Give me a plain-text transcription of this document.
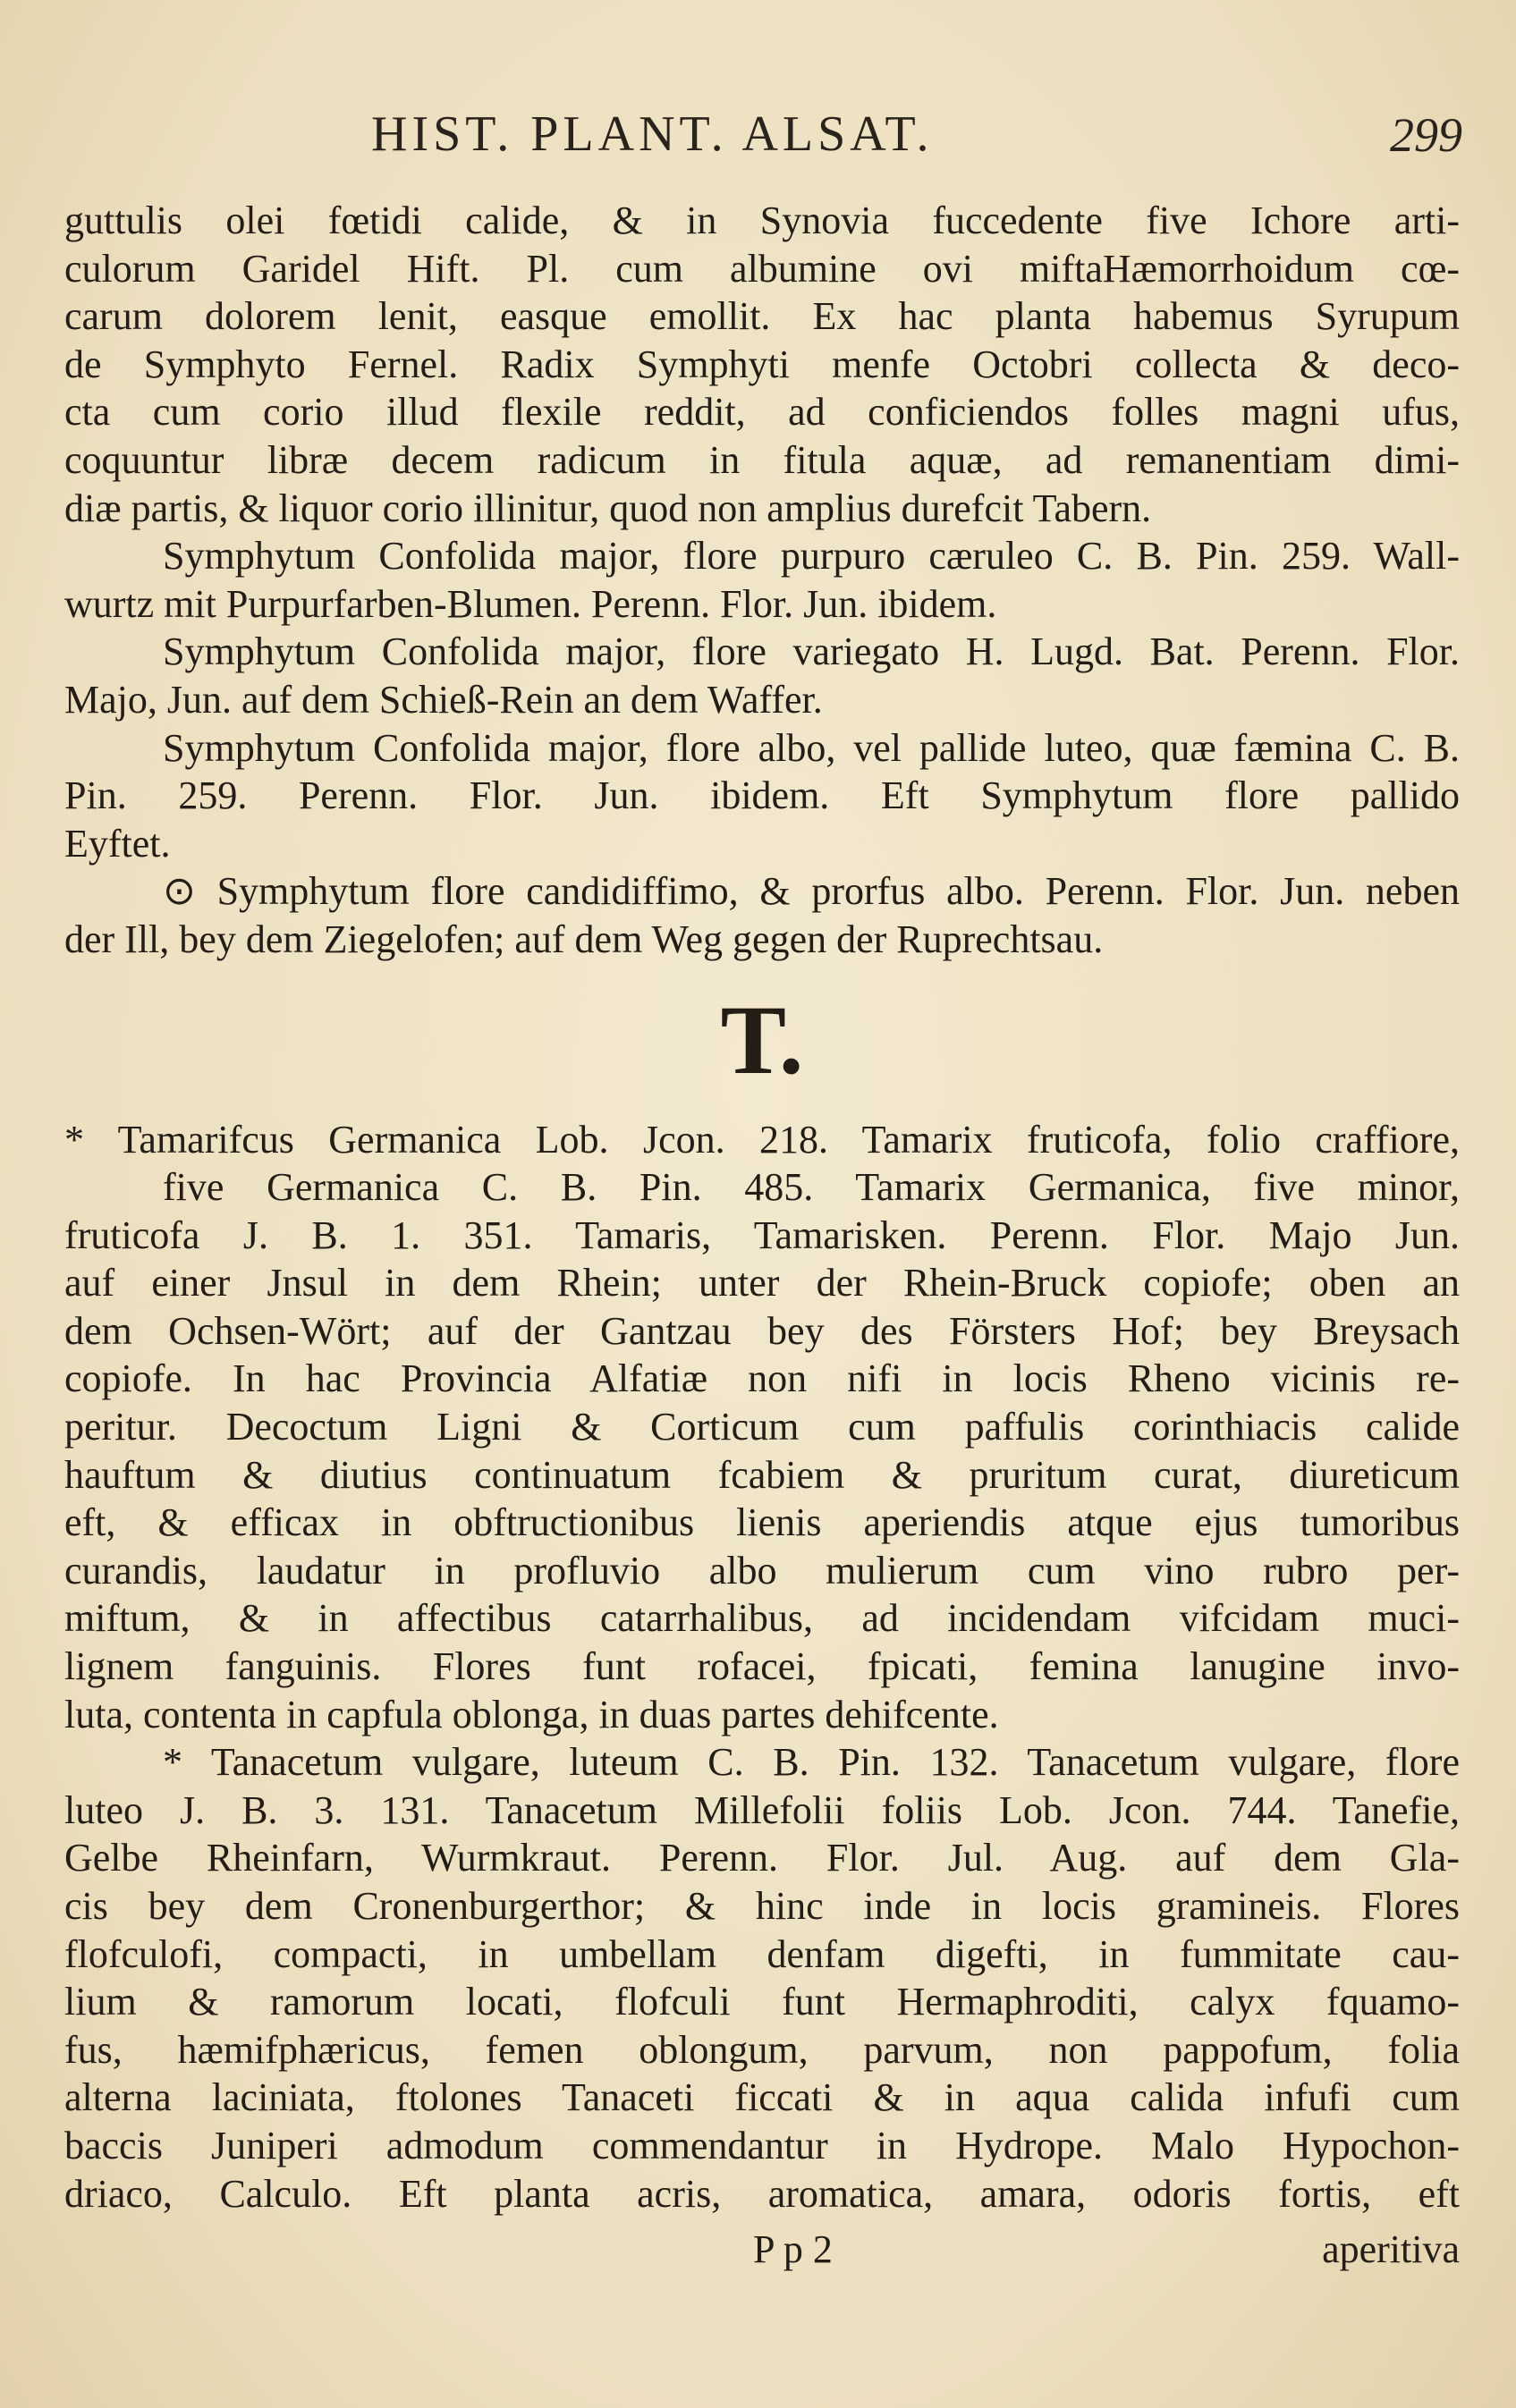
HIST. PLANT. ALSAT.	299
guttulis olei fœtidi calide, & in Synovia fuccedente five Ichore arti-
culorum Garidel Hift. Pl. cum albumine ovi miftaHæmorrhoidum cœ-
carum dolorem lenit, easque emollit. Ex hac planta habemus Syrupum
de Symphyto Fernel. Radix Symphyti menfe Octobri collecta & deco-
cta cum corio illud flexile reddit, ad conficiendos folles magni ufus,
coquuntur libræ decem radicum in fitula aquæ, ad remanentiam dimi-
diæ partis, & liquor corio illinitur, quod non amplius durefcit Tabern.
Symphytum Confolida major, flore purpuro cæruleo C. B. Pin. 259. Wall-
wurtz mit Purpurfarben-Blumen. Perenn. Flor. Jun. ibidem.
Symphytum Confolida major, flore variegato H. Lugd. Bat. Perenn. Flor.
Majo, Jun. auf dem Schieß-Rein an dem Waffer.
Symphytum Confolida major, flore albo, vel pallide luteo, quæ fæmina C. B.
Pin. 259. Perenn. Flor. Jun. ibidem. Eft Symphytum flore pallido
Eyftet.
⊙ Symphytum flore candidiffimo, & prorfus albo. Perenn. Flor. Jun. neben
der Ill, bey dem Ziegelofen; auf dem Weg gegen der Ruprechtsau.
T.
* Tamarifcus Germanica Lob. Jcon. 218. Tamarix fruticofa, folio craffiore,
five Germanica C. B. Pin. 485. Tamarix Germanica, five minor,
fruticofa J. B. 1. 351. Tamaris, Tamarisken. Perenn. Flor. Majo Jun.
auf einer Jnsul in dem Rhein; unter der Rhein-Bruck copiofe; oben an
dem Ochsen-Wört; auf der Gantzau bey des Försters Hof; bey Breysach
copiofe. In hac Provincia Alfatiæ non nifi in locis Rheno vicinis re-
peritur. Decoctum Ligni & Corticum cum paffulis corinthiacis calide
hauftum & diutius continuatum fcabiem & pruritum curat, diureticum
eft, & efficax in obftructionibus lienis aperiendis atque ejus tumoribus
curandis, laudatur in profluvio albo mulierum cum vino rubro per-
miftum, & in affectibus catarrhalibus, ad incidendam vifcidam muci-
lignem fanguinis. Flores funt rofacei, fpicati, femina lanugine invo-
luta, contenta in capfula oblonga, in duas partes dehifcente.
* Tanacetum vulgare, luteum C. B. Pin. 132. Tanacetum vulgare, flore
luteo J. B. 3. 131. Tanacetum Millefolii foliis Lob. Jcon. 744. Tanefie,
Gelbe Rheinfarn, Wurmkraut. Perenn. Flor. Jul. Aug. auf dem Gla-
cis bey dem Cronenburgerthor; & hinc inde in locis gramineis. Flores
flofculofi, compacti, in umbellam denfam digefti, in fummitate cau-
lium & ramorum locati, flofculi funt Hermaphroditi, calyx fquamo-
fus, hæmifphæricus, femen oblongum, parvum, non pappofum, folia
alterna laciniata, ftolones Tanaceti ficcati & in aqua calida infufi cum
baccis Juniperi admodum commendantur in Hydrope. Malo Hypochon-
driaco, Calculo. Eft planta acris, aromatica, amara, odoris fortis, eft
P p 2	aperitiva
